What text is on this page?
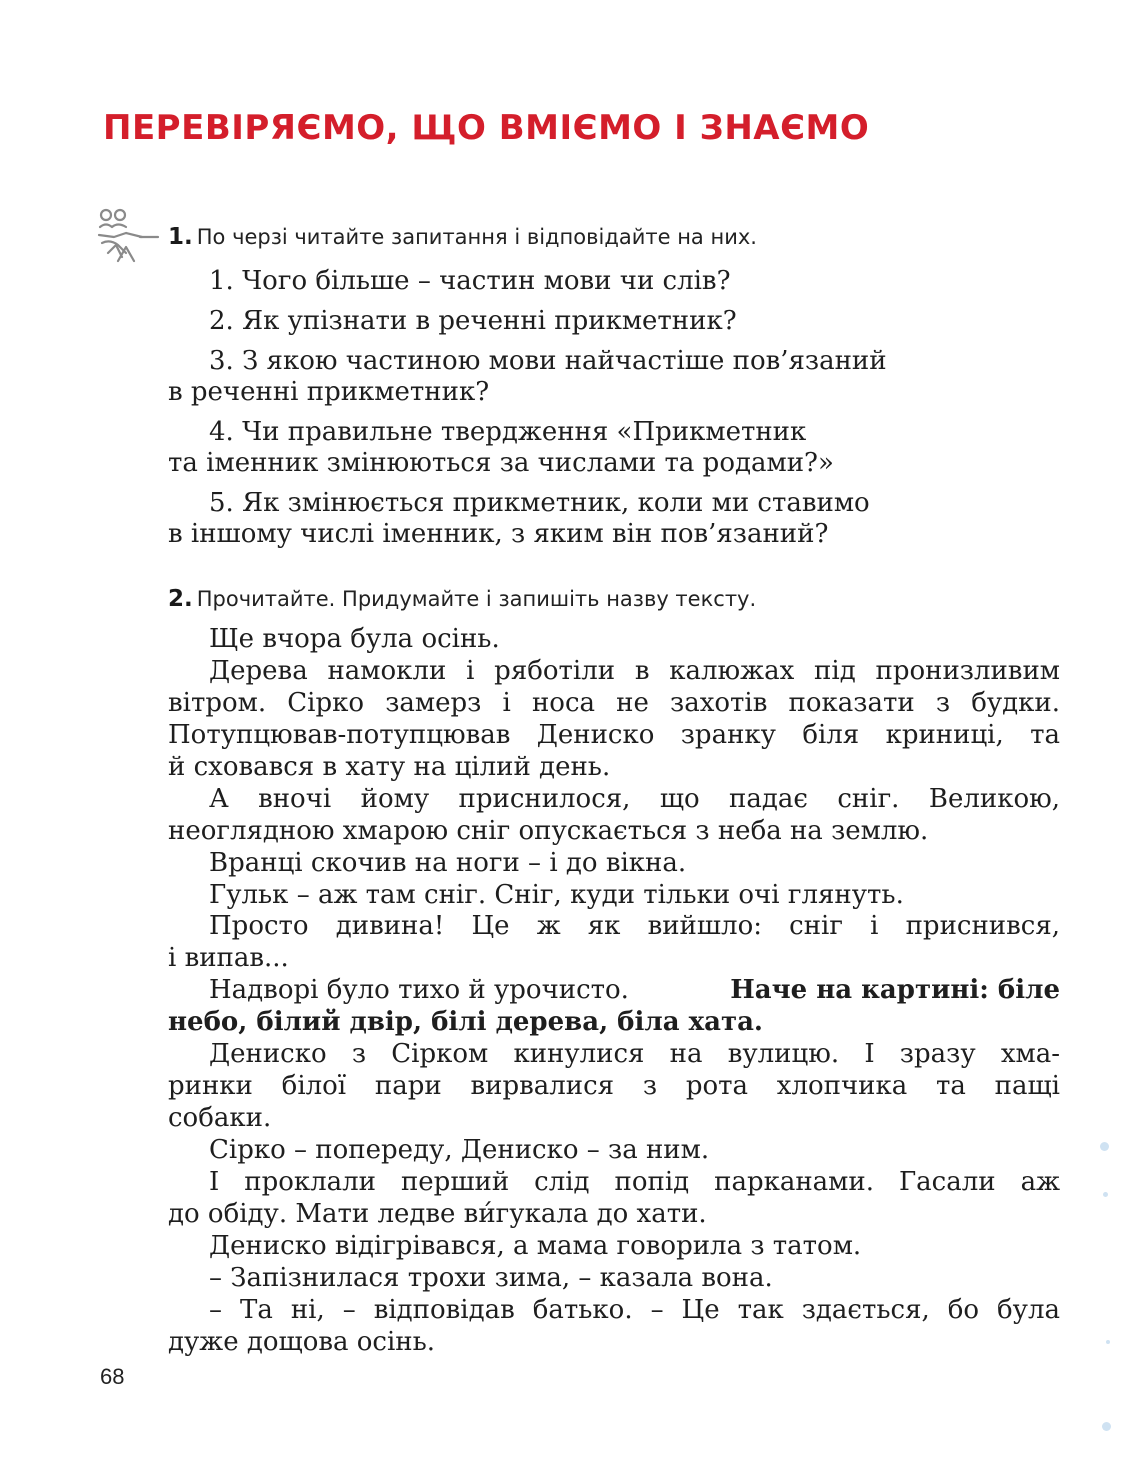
ПЕРЕВІРЯЄМО, ЩО ВМІЄМО І ЗНАЄМО
1. По черзі читайте запитання і відповідайте на них.
1. Чого більше – частин мови чи слів?
2. Як упізнати в реченні прикметник?
3. З якою частиною мови найчастіше пов’язаний
в реченні прикметник?
4. Чи правильне твердження «Прикметник
та іменник змінюються за числами та родами?»
5. Як змінюється прикметник, коли ми ставимо
в іншому числі іменник, з яким він пов’язаний?
2. Прочитайте. Придумайте і запишіть назву тексту.
Ще вчора була осінь.
Дерева намокли і ряботіли в калюжах під пронизливим
вітром. Сірко замерз і носа не захотів показати з будки.
Потупцював-потупцював Дениско зранку біля криниці, та
й сховався в хату на цілий день.
А вночі йому приснилося, що падає сніг. Великою,
неоглядною хмарою сніг опускається з неба на землю.
Вранці скочив на ноги – і до вікна.
Гульк – аж там сніг. Сніг, куди тільки очі глянуть.
Просто дивина! Це ж як вийшло: сніг і приснився,
і випав...
Надворі було тихо й урочисто.	Наче на картині: біле
небо, білий двір, білі дерева, біла хата.
Дениско з Сірком кинулися на вулицю. І зразу хма-
ринки білої пари вирвалися з рота хлопчика та пащі
собаки.
Сірко – попереду, Дениско – за ним.
І проклали перший слід попід парканами. Гасали аж
до обіду. Мати ледве ви́гукала до хати.
Дениско відігрівався, а мама говорила з татом.
– Запізнилася трохи зима, – казала вона.
– Та ні, – відповідав батько. – Це так здається, бо була
дуже дощова осінь.
68
